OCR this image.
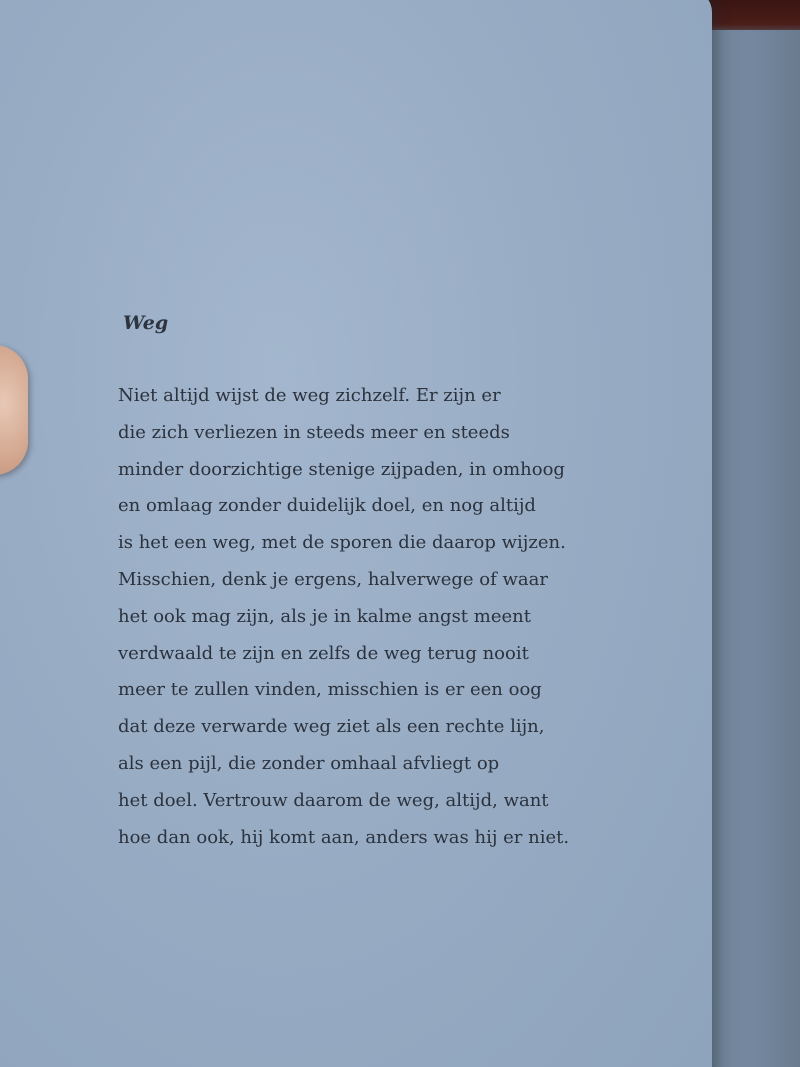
Weg
Niet altijd wijst de weg zichzelf. Er zijn er
die zich verliezen in steeds meer en steeds
minder doorzichtige stenige zijpaden, in omhoog
en omlaag zonder duidelijk doel, en nog altijd
is het een weg, met de sporen die daarop wijzen.
Misschien, denk je ergens, halverwege of waar
het ook mag zijn, als je in kalme angst meent
verdwaald te zijn en zelfs de weg terug nooit
meer te zullen vinden, misschien is er een oog
dat deze verwarde weg ziet als een rechte lijn,
als een pijl, die zonder omhaal afvliegt op
het doel. Vertrouw daarom de weg, altijd, want
hoe dan ook, hij komt aan, anders was hij er niet.
